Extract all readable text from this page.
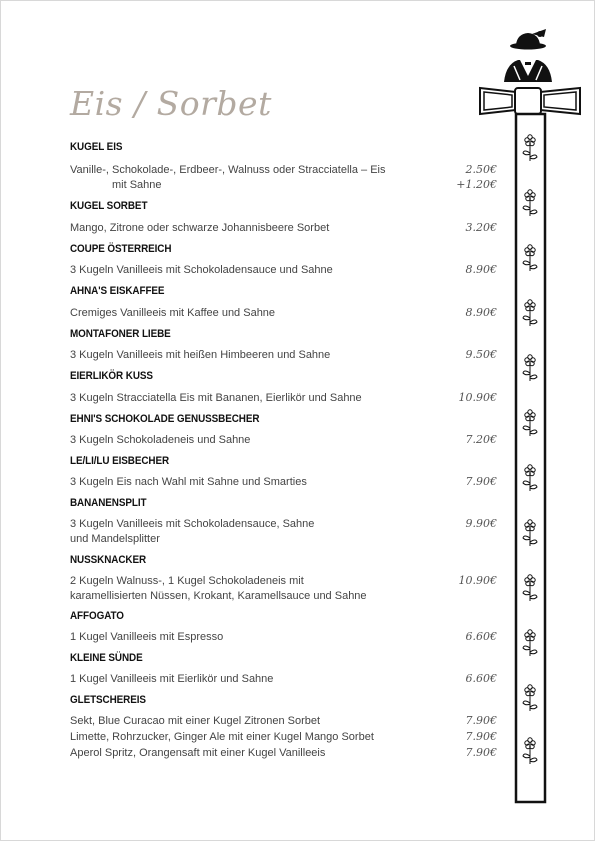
Eis / Sorbet
KUGEL EIS
Vanille-, Schokolade-, Erdbeer-, Walnuss oder Stracciatella – Eis	2.50€
mit Sahne	+1.20€
KUGEL SORBET
Mango, Zitrone oder schwarze Johannisbeere Sorbet	3.20€
COUPE ÖSTERREICH
3 Kugeln Vanilleeis mit Schokoladensauce und Sahne	8.90€
AHNA'S EISKAFFEE
Cremiges Vanilleeis mit Kaffee und Sahne	8.90€
MONTAFONER LIEBE
3 Kugeln Vanilleeis mit heißen Himbeeren und Sahne	9.50€
EIERLIKÖR KUSS
3 Kugeln Stracciatella Eis mit Bananen, Eierlikör und Sahne	10.90€
EHNI'S SCHOKOLADE GENUSSBECHER
3 Kugeln Schokoladeneis und Sahne	7.20€
LE/LI/LU EISBECHER
3 Kugeln Eis nach Wahl mit Sahne und Smarties	7.90€
BANANENSPLIT
3 Kugeln Vanilleeis mit Schokoladensauce, Sahne	9.90€
und Mandelsplitter
NUSSKNACKER
2 Kugeln Walnuss-, 1 Kugel Schokoladeneis mit	10.90€
karamellisierten Nüssen, Krokant, Karamellsauce und Sahne
AFFOGATO
1 Kugel Vanilleeis mit Espresso	6.60€
KLEINE SÜNDE
1 Kugel Vanilleeis mit Eierlikör und Sahne	6.60€
GLETSCHEREIS
Sekt, Blue Curacao mit einer Kugel Zitronen Sorbet	7.90€
Limette, Rohrzucker, Ginger Ale mit einer Kugel Mango Sorbet	7.90€
Aperol Spritz, Orangensaft mit einer Kugel Vanilleeis	7.90€
